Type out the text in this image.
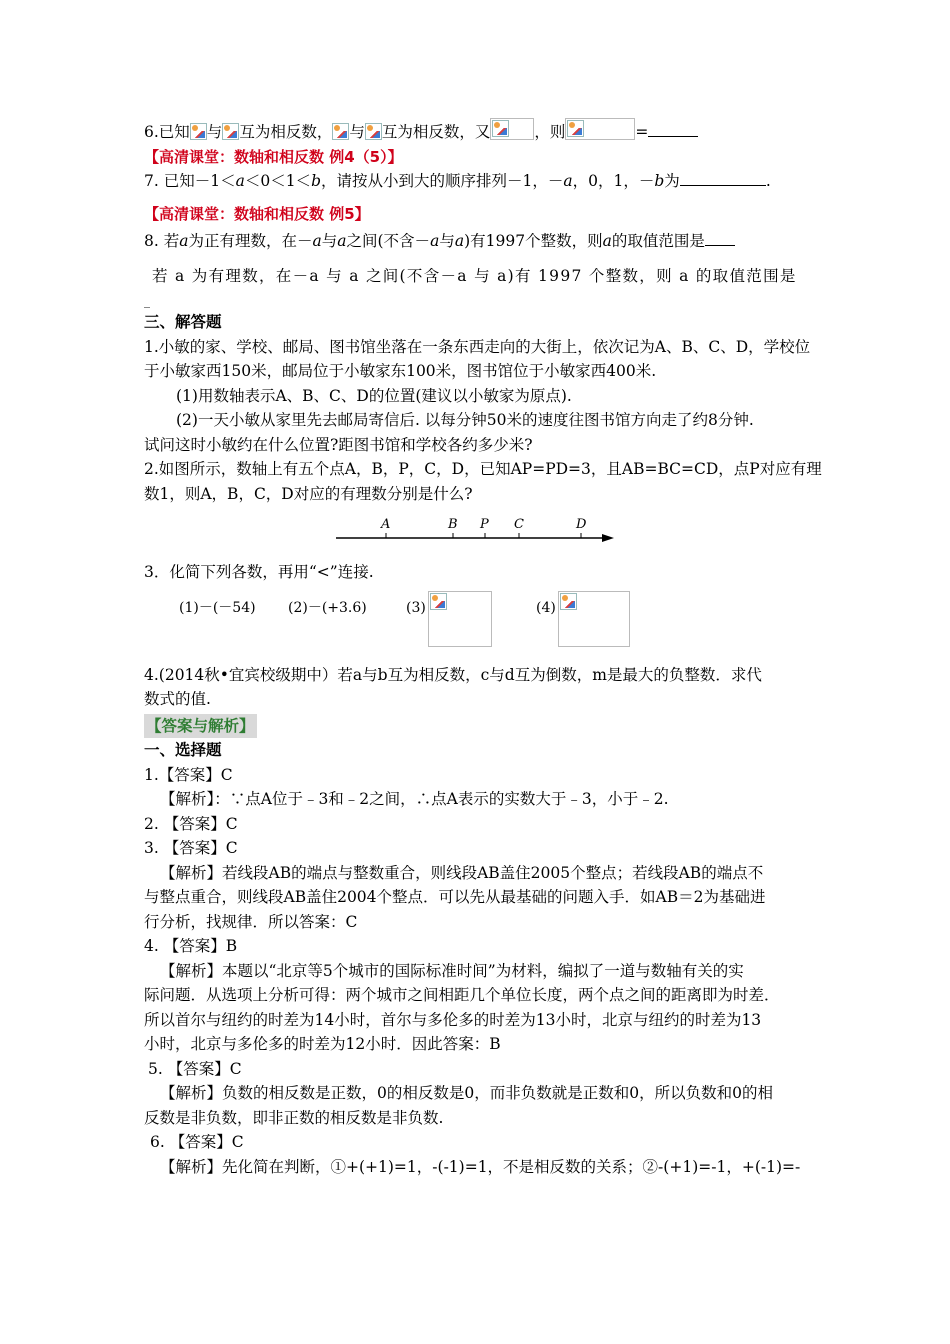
6.已知 与 互为相反数， 与 互为相反数，又	，则	=
【高清课堂：数轴和相反数 例4（5）】
7. 已知－1＜a＜0＜1＜b，请按从小到大的顺序排列－1，－a，0，1，－b为	.
【高清课堂：数轴和相反数 例5】
8. 若a为正有理数，在－a与a之间(不含－a与a)有1997个整数，则a的取值范围是
若 a 为有理数，在－a 与 a 之间(不含－a 与 a)有 1997 个整数，则 a 的取值范围是
_
三、解答题
1.小敏的家、学校、邮局、图书馆坐落在一条东西走向的大街上，依次记为A、B、C、D，学校位
于小敏家西150米，邮局位于小敏家东100米，图书馆位于小敏家西400米.
(1)用数轴表示A、B、C、D的位置(建议以小敏家为原点).
(2)一天小敏从家里先去邮局寄信后. 以每分钟50米的速度往图书馆方向走了约8分钟.
试问这时小敏约在什么位置?距图书馆和学校各约多少米?
2.如图所示，数轴上有五个点A，B，P，C，D，已知AP=PD=3，且AB=BC=CD，点P对应有理
数1，则A，B，C，D对应的有理数分别是什么?
A	B P C	D
3．化简下列各数，再用“<”连接.
(1)－(－54) (2)－(+3.6)	(3)	(4)
4.(2014秋•宜宾校级期中）若a与b互为相反数，c与d互为倒数，m是最大的负整数．求代
数式的值.
【答案与解析】
一、选择题
1.【答案】C
【解析】：∵点A位于﹣3和﹣2之间，∴点A表示的实数大于﹣3，小于﹣2.
2. 【答案】C
3. 【答案】C
【解析】若线段AB的端点与整数重合，则线段AB盖住2005个整点；若线段AB的端点不
与整点重合，则线段AB盖住2004个整点．可以先从最基础的问题入手．如AB＝2为基础进
行分析，找规律．所以答案：C
4. 【答案】B
【解析】本题以“北京等5个城市的国际标准时间”为材料，编拟了一道与数轴有关的实
际问题．从选项上分析可得：两个城市之间相距几个单位长度，两个点之间的距离即为时差．
所以首尔与纽约的时差为14小时，首尔与多伦多的时差为13小时，北京与纽约的时差为13
小时，北京与多伦多的时差为12小时．因此答案：B
5. 【答案】C
【解析】负数的相反数是正数，0的相反数是0，而非负数就是正数和0，所以负数和0的相
反数是非负数，即非正数的相反数是非负数.
6. 【答案】C
【解析】先化简在判断，①+(+1)=1，-(-1)=1，不是相反数的关系；②-(+1)=-1，+(-1)=-
